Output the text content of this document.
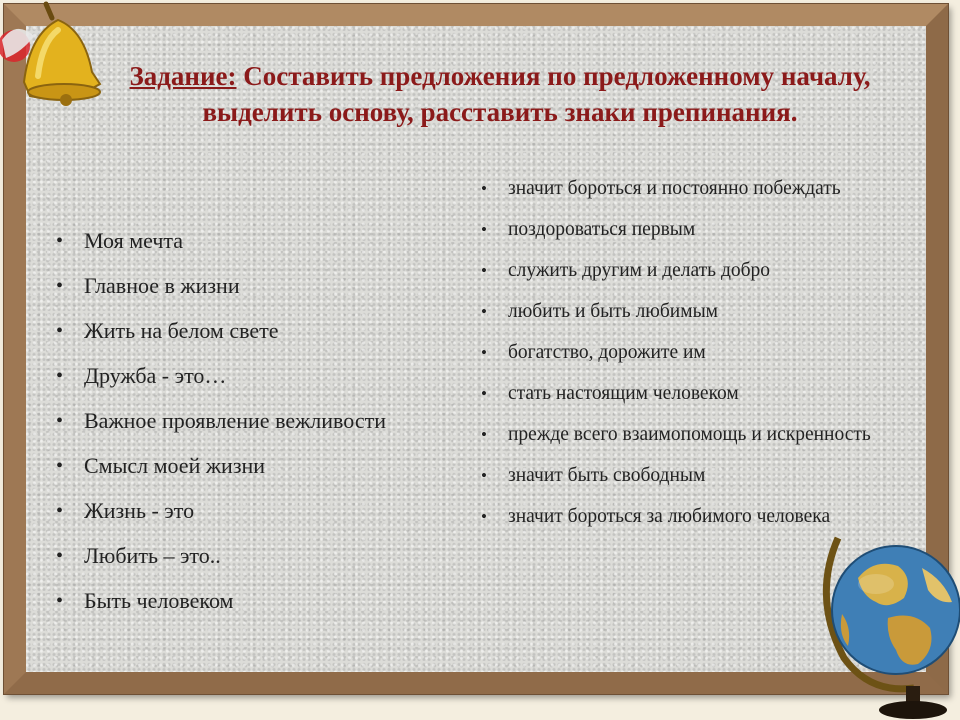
Задание: Составить предложения по предложенному началу, выделить основу, расставить знаки препинания.
• Моя мечта
• Главное в жизни
• Жить на белом свете
• Дружба - это…
• Важное проявление вежливости
• Смысл моей жизни
• Жизнь - это
• Любить – это..
• Быть человеком
• значит бороться и постоянно побеждать
• поздороваться первым
• служить другим и делать добро
• любить и быть любимым
• богатство, дорожите им
• стать настоящим человеком
• прежде всего взаимопомощь и искренность
• значит быть свободным
• значит бороться за любимого человека
